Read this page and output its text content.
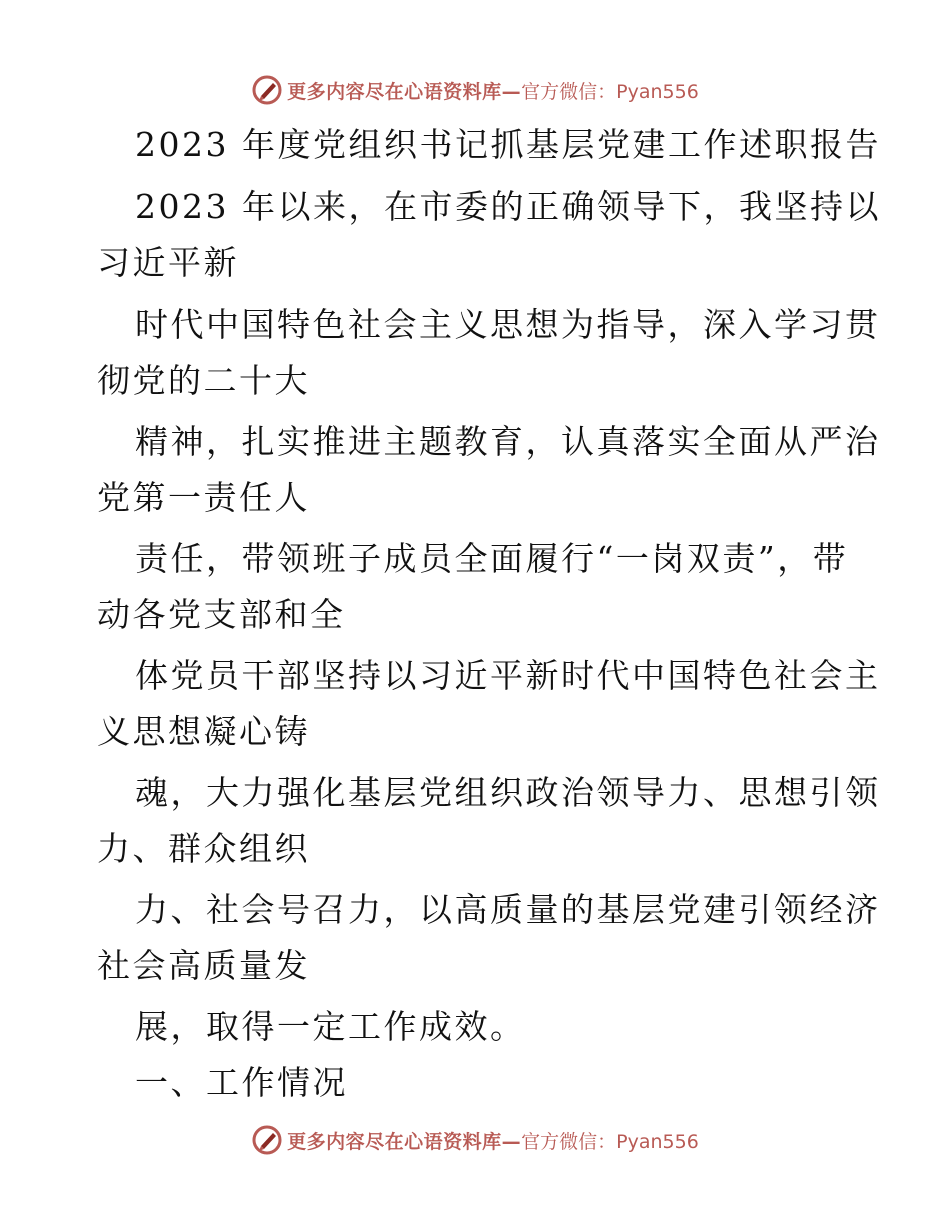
更多内容尽在心语资料库— 官方微信：Pyan556
2023 年度党组织书记抓基层党建工作述职报告
2023 年以来，在市委的正确领导下，我坚持以
习近平新
时代中国特色社会主义思想为指导，深入学习贯
彻党的二十大
精神，扎实推进主题教育，认真落实全面从严治
党第一责任人
责任，带领班子成员全面履行“一岗双责”，带
动各党支部和全
体党员干部坚持以习近平新时代中国特色社会主
义思想凝心铸
魂，大力强化基层党组织政治领导力、思想引领
力、群众组织
力、社会号召力，以高质量的基层党建引领经济
社会高质量发
展，取得一定工作成效。
一、工作情况
更多内容尽在心语资料库— 官方微信：Pyan556
